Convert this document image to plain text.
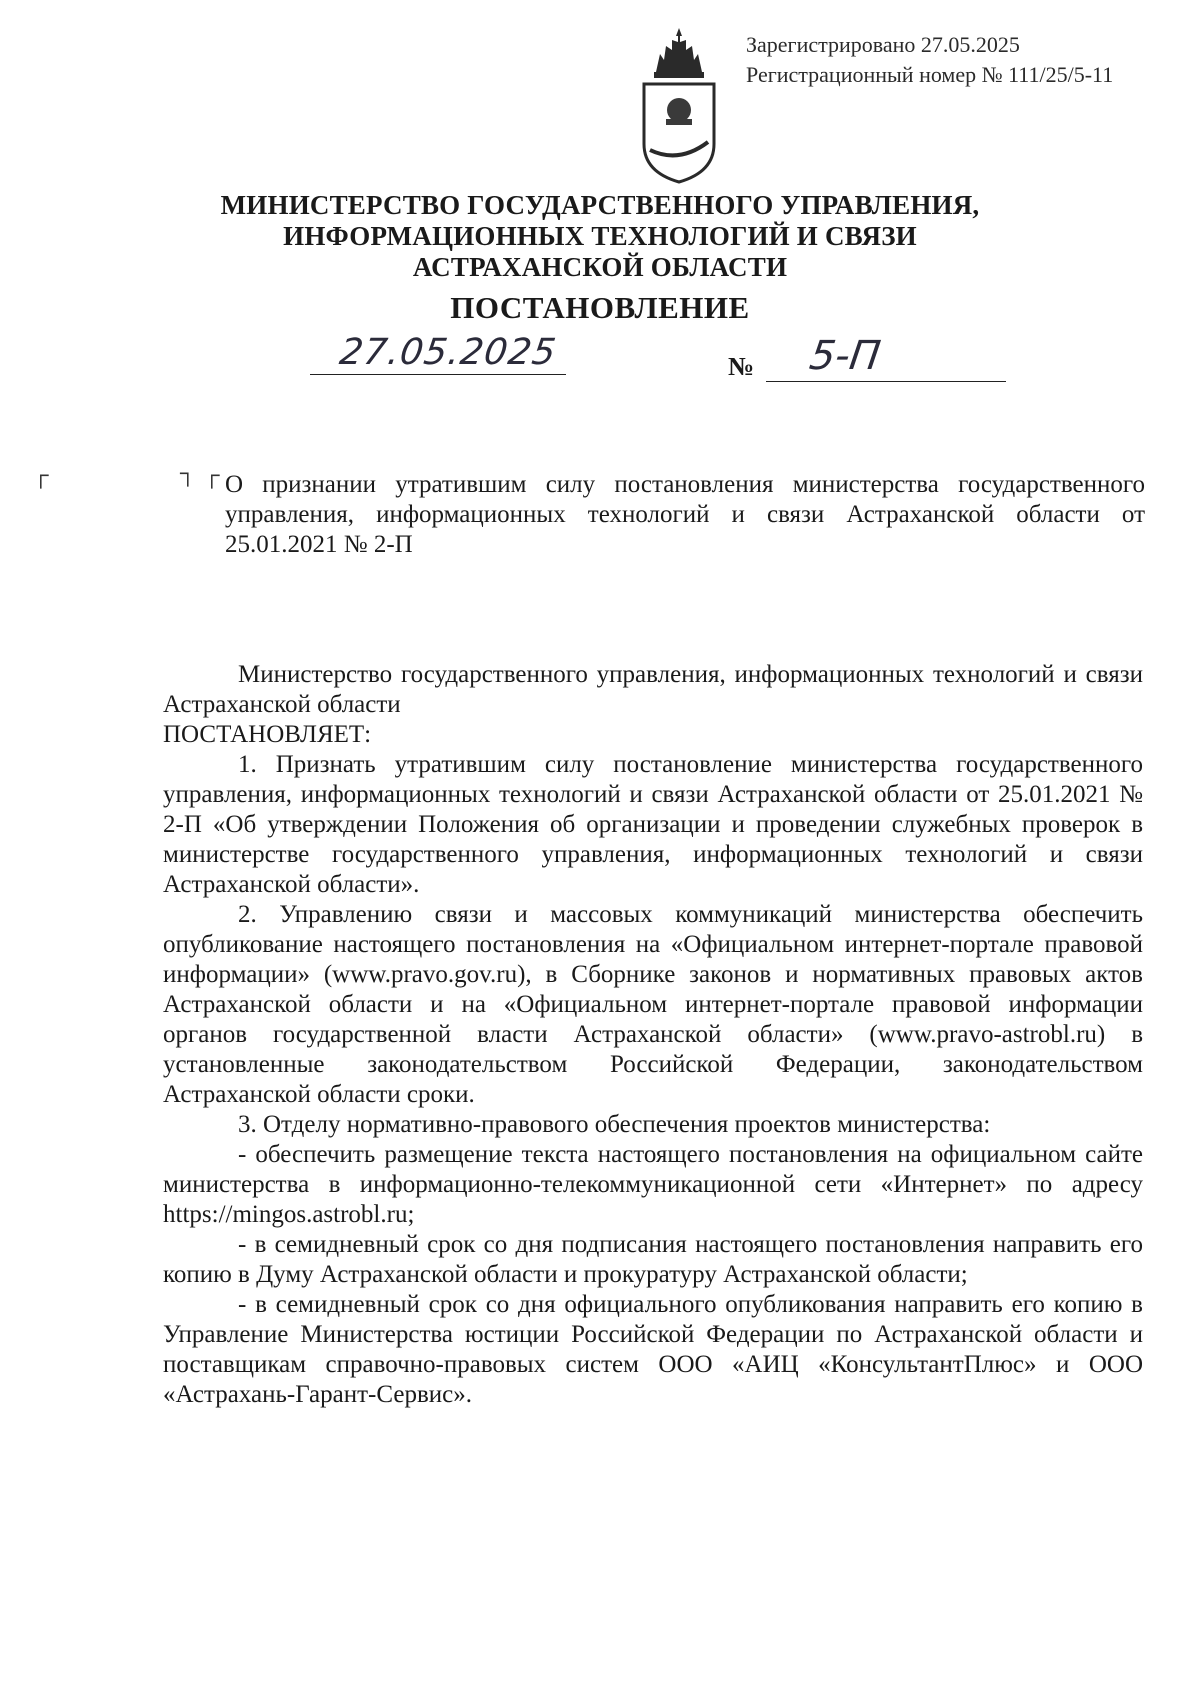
Зарегистрировано 27.05.2025
Регистрационный номер № 111/25/5-11
МИНИСТЕРСТВО ГОСУДАРСТВЕННОГО УПРАВЛЕНИЯ,
ИНФОРМАЦИОННЫХ ТЕХНОЛОГИЙ И СВЯЗИ
АСТРАХАНСКОЙ ОБЛАСТИ
ПОСТАНОВЛЕНИЕ
27.05.2025	№ 5-П
┌	┐ ┌ О признании утратившим силу постановления министерства государственного управления, информационных технологий и связи Астраханской области от 25.01.2021 № 2-П

Министерство государственного управления, информационных технологий и связи Астраханской области

ПОСТАНОВЛЯЕТ:

1. Признать утратившим силу постановление министерства государственного управления, информационных технологий и связи Астраханской области от 25.01.2021 № 2-П «Об утверждении Положения об организации и проведении служебных проверок в министерстве государственного управления, информационных технологий и связи Астраханской области».

2. Управлению связи и массовых коммуникаций министерства обеспечить опубликование настоящего постановления на «Официальном интернет-портале правовой информации» (www.pravo.gov.ru), в Сборнике законов и нормативных правовых актов Астраханской области и на «Официальном интернет-портале правовой информации органов государственной власти Астраханской области» (www.pravo-astrobl.ru) в установленные законодательством Российской Федерации, законодательством Астраханской области сроки.

3. Отделу нормативно-правового обеспечения проектов министерства:

- обеспечить размещение текста настоящего постановления на официальном сайте министерства в информационно-телекоммуникационной сети «Интернет» по адресу https://mingos.astrobl.ru;

- в семидневный срок со дня подписания настоящего постановления направить его копию в Думу Астраханской области и прокуратуру Астраханской области;

- в семидневный срок со дня официального опубликования направить его копию в Управление Министерства юстиции Российской Федерации по Астраханской области и поставщикам справочно-правовых систем ООО «АИЦ «КонсультантПлюс» и ООО «Астрахань-Гарант-Сервис».
